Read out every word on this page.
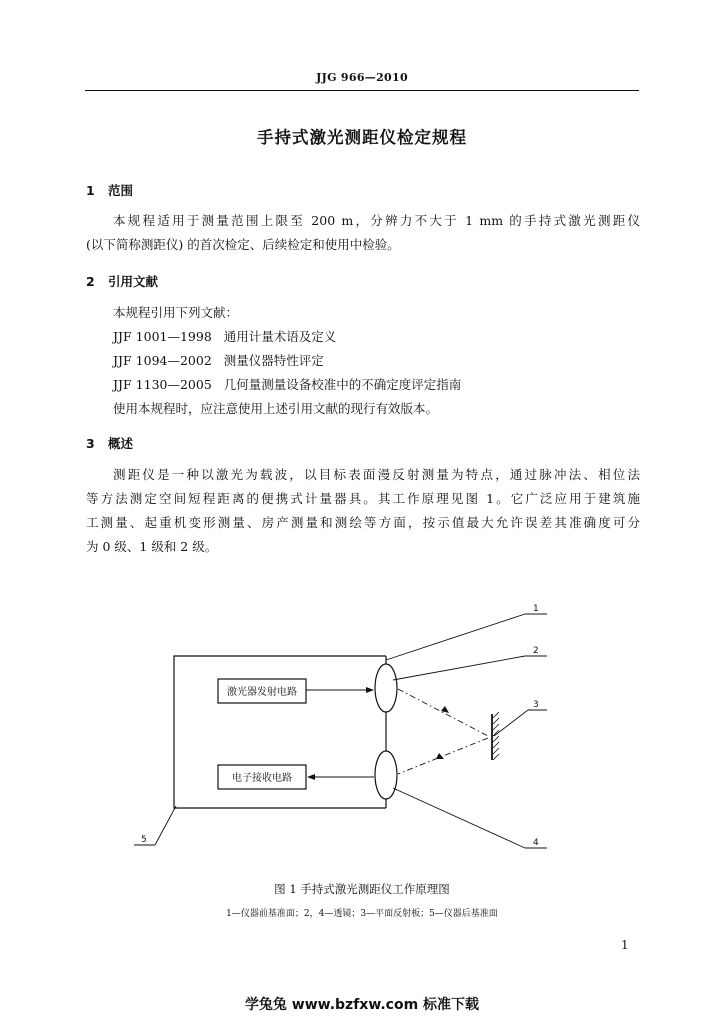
JJG 966—2010
手持式激光测距仪检定规程
1 范围
本规程适用于测量范围上限至 200 m，分辨力不大于 1 mm 的手持式激光测距仪
(以下简称测距仪) 的首次检定、后续检定和使用中检验。
2 引用文献
本规程引用下列文献：
JJF 1001—1998   通用计量术语及定义
JJF 1094—2002   测量仪器特性评定
JJF 1130—2005   几何量测量设备校准中的不确定度评定指南
使用本规程时，应注意使用上述引用文献的现行有效版本。
3 概述
测距仪是一种以激光为载波，以目标表面漫反射测量为特点，通过脉冲法、相位法
等方法测定空间短程距离的便携式计量器具。其工作原理见图 1。它广泛应用于建筑施
工测量、起重机变形测量、房产测量和测绘等方面，按示值最大允许误差其准确度可分
为 0 级、1 级和 2 级。
激光器发射电路
电子接收电路
1
2
3
4
5
图 1 手持式激光测距仪工作原理图
1—仪器前基准面；2，4—透镜；3—平面反射板；5—仪器后基准面
1
学兔兔 www.bzfxw.com 标准下载
